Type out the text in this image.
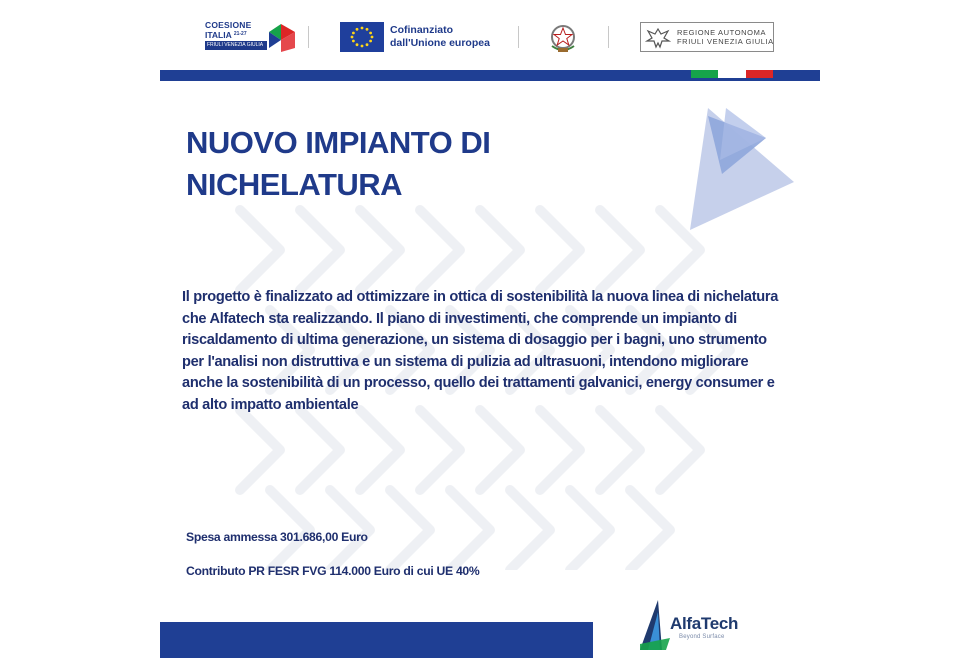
COESIONE
ITALIA $^{21-27}$
FRIULI VENEZIA GIULIA
Cofinanziato
dall'Unione europea
REGIONE AUTONOMA
FRIULI VENEZIA GIULIA
NUOVO IMPIANTO DI
NICHELATURA
Il progetto è finalizzato ad ottimizzare in ottica di sostenibilità la nuova linea di nichelatura che Alfatech sta realizzando. Il piano di investimenti, che comprende un impianto di riscaldamento di ultima generazione, un sistema di dosaggio per i bagni, uno strumento per l'analisi non distruttiva e un sistema di pulizia ad ultrasuoni, intendono migliorare anche la sostenibilità di un processo, quello dei trattamenti galvanici, energy consumer e ad alto impatto ambientale
Spesa ammessa 301.686,00 Euro
Contributo PR FESR FVG 114.000 Euro di cui UE 40%
AlfaTech
Beyond Surface
